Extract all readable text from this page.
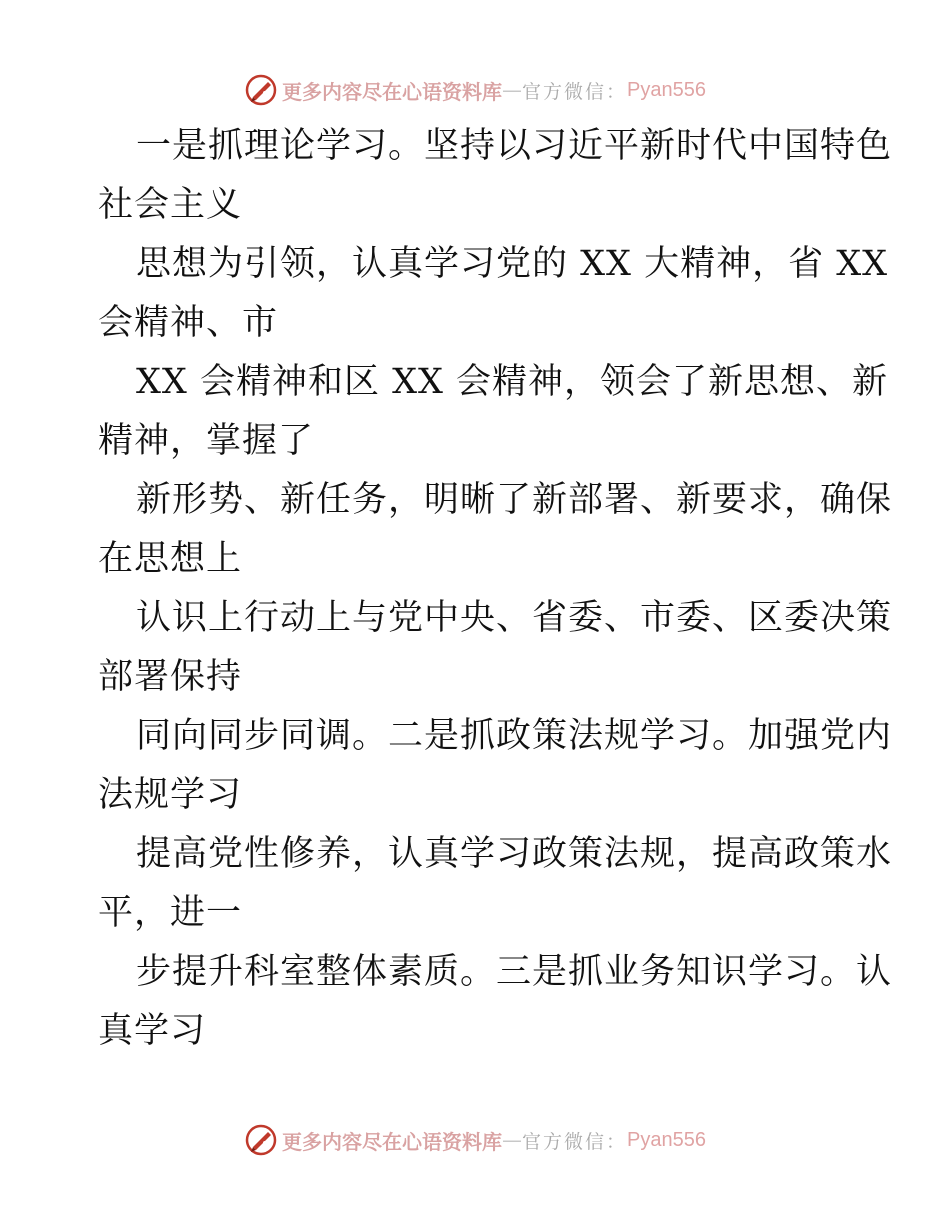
更多内容尽在心语资料库 — 官方微信： Pyan556
一是抓理论学习。坚持以习近平新时代中国特色
社会主义
思想为引领，认真学习党的 XX 大精神，省 XX
会精神、市
XX 会精神和区 XX 会精神，领会了新思想、新
精神，掌握了
新形势、新任务，明晰了新部署、新要求，确保
在思想上
认识上行动上与党中央、省委、市委、区委决策
部署保持
同向同步同调。二是抓政策法规学习。加强党内
法规学习
提高党性修养，认真学习政策法规，提高政策水
平，进一
步提升科室整体素质。三是抓业务知识学习。认
真学习
更多内容尽在心语资料库 — 官方微信： Pyan556
